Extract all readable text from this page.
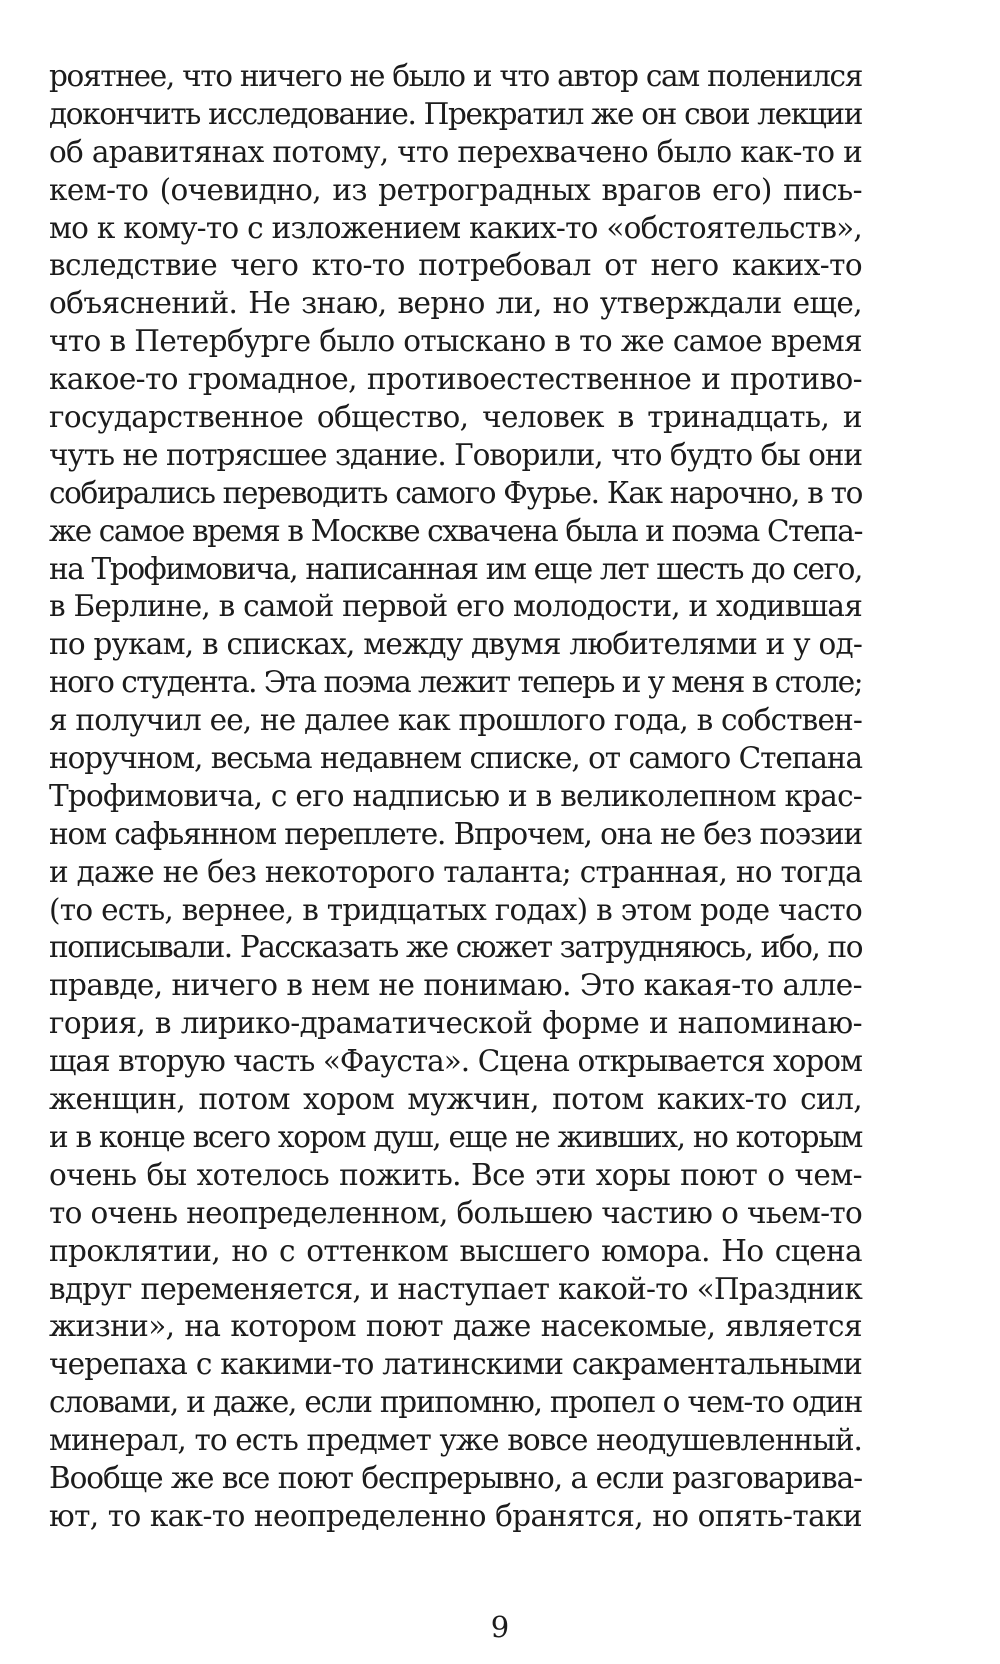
роятнее, что ничего не было и что автор сам поленился
докончить исследование. Прекратил же он свои лекции
об аравитянах потому, что перехвачено было как-то и
кем-то (очевидно, из ретроградных врагов его) пись-
мо к кому-то с изложением каких-то «обстоятельств»,
вследствие чего кто-то потребовал от него каких-то
объяснений. Не знаю, верно ли, но утверждали еще,
что в Петербурге было отыскано в то же самое время
какое-то громадное, противоестественное и противо-
государственное общество, человек в тринадцать, и
чуть не потрясшее здание. Говорили, что будто бы они
собирались переводить самого Фурье. Как нарочно, в то
же самое время в Москве схвачена была и поэма Степа-
на Трофимовича, написанная им еще лет шесть до сего,
в Берлине, в самой первой его молодости, и ходившая
по рукам, в списках, между двумя любителями и у од-
ного студента. Эта поэма лежит теперь и у меня в столе;
я получил ее, не далее как прошлого года, в собствен-
норучном, весьма недавнем списке, от самого Степана
Трофимовича, с его надписью и в великолепном крас-
ном сафьянном переплете. Впрочем, она не без поэзии
и даже не без некоторого таланта; странная, но тогда
(то есть, вернее, в тридцатых годах) в этом роде часто
пописывали. Рассказать же сюжет затрудняюсь, ибо, по
правде, ничего в нем не понимаю. Это какая-то алле-
гория, в лирико-драматической форме и напоминаю-
щая вторую часть «Фауста». Сцена открывается хором
женщин, потом хором мужчин, потом каких-то сил,
и в конце всего хором душ, еще не живших, но которым
очень бы хотелось пожить. Все эти хоры поют о чем-
то очень неопределенном, большею частию о чьем-то
проклятии, но с оттенком высшего юмора. Но сцена
вдруг переменяется, и наступает какой-то «Праздник
жизни», на котором поют даже насекомые, является
черепаха с какими-то латинскими сакраментальными
словами, и даже, если припомню, пропел о чем-то один
минерал, то есть предмет уже вовсе неодушевленный.
Вообще же все поют беспрерывно, а если разговарива-
ют, то как-то неопределенно бранятся, но опять-таки
9
